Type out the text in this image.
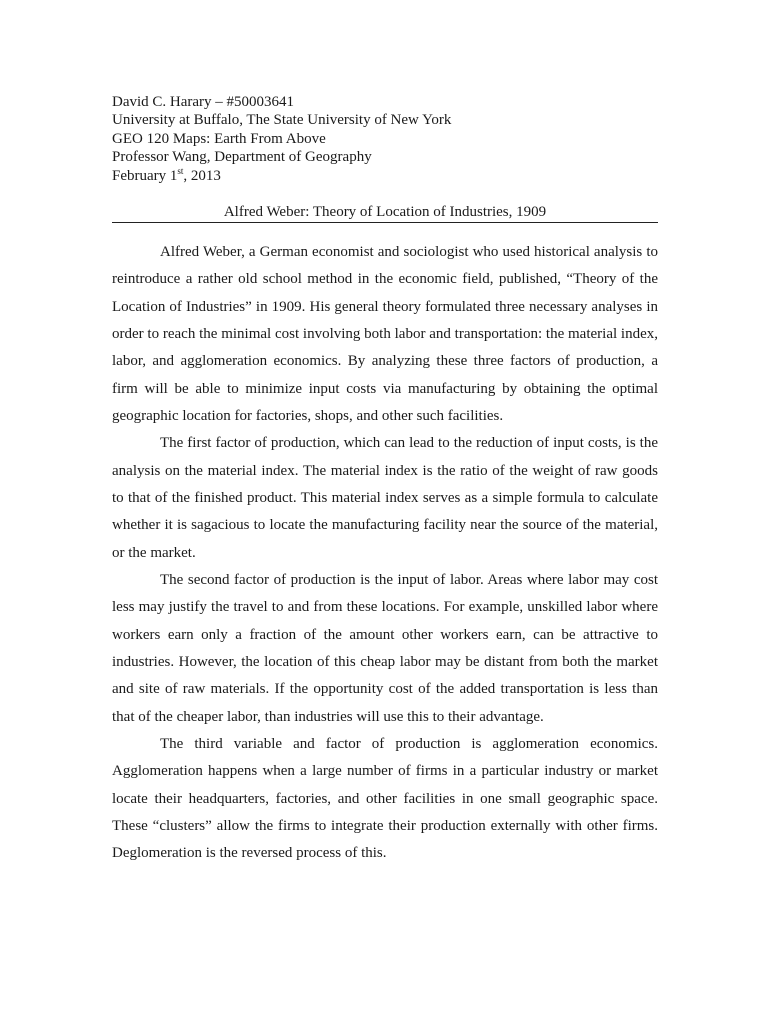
David C. Harary – #50003641
University at Buffalo, The State University of New York
GEO 120 Maps: Earth From Above
Professor Wang, Department of Geography
February 1st, 2013
Alfred Weber: Theory of Location of Industries, 1909

Alfred Weber, a German economist and sociologist who used historical analysis to reintroduce a rather old school method in the economic field, published, “Theory of the Location of Industries” in 1909. His general theory formulated three necessary analyses in order to reach the minimal cost involving both labor and transportation: the material index, labor, and agglomeration economics. By analyzing these three factors of production, a firm will be able to minimize input costs via manufacturing by obtaining the optimal geographic location for factories, shops, and other such facilities.

The first factor of production, which can lead to the reduction of input costs, is the analysis on the material index. The material index is the ratio of the weight of raw goods to that of the finished product. This material index serves as a simple formula to calculate whether it is sagacious to locate the manufacturing facility near the source of the material, or the market.

The second factor of production is the input of labor. Areas where labor may cost less may justify the travel to and from these locations. For example, unskilled labor where workers earn only a fraction of the amount other workers earn, can be attractive to industries. However, the location of this cheap labor may be distant from both the market and site of raw materials. If the opportunity cost of the added transportation is less than that of the cheaper labor, than industries will use this to their advantage.

The third variable and factor of production is agglomeration economics. Agglomeration happens when a large number of firms in a particular industry or market locate their headquarters, factories, and other facilities in one small geographic space. These “clusters” allow the firms to integrate their production externally with other firms. Deglomeration is the reversed process of this.
